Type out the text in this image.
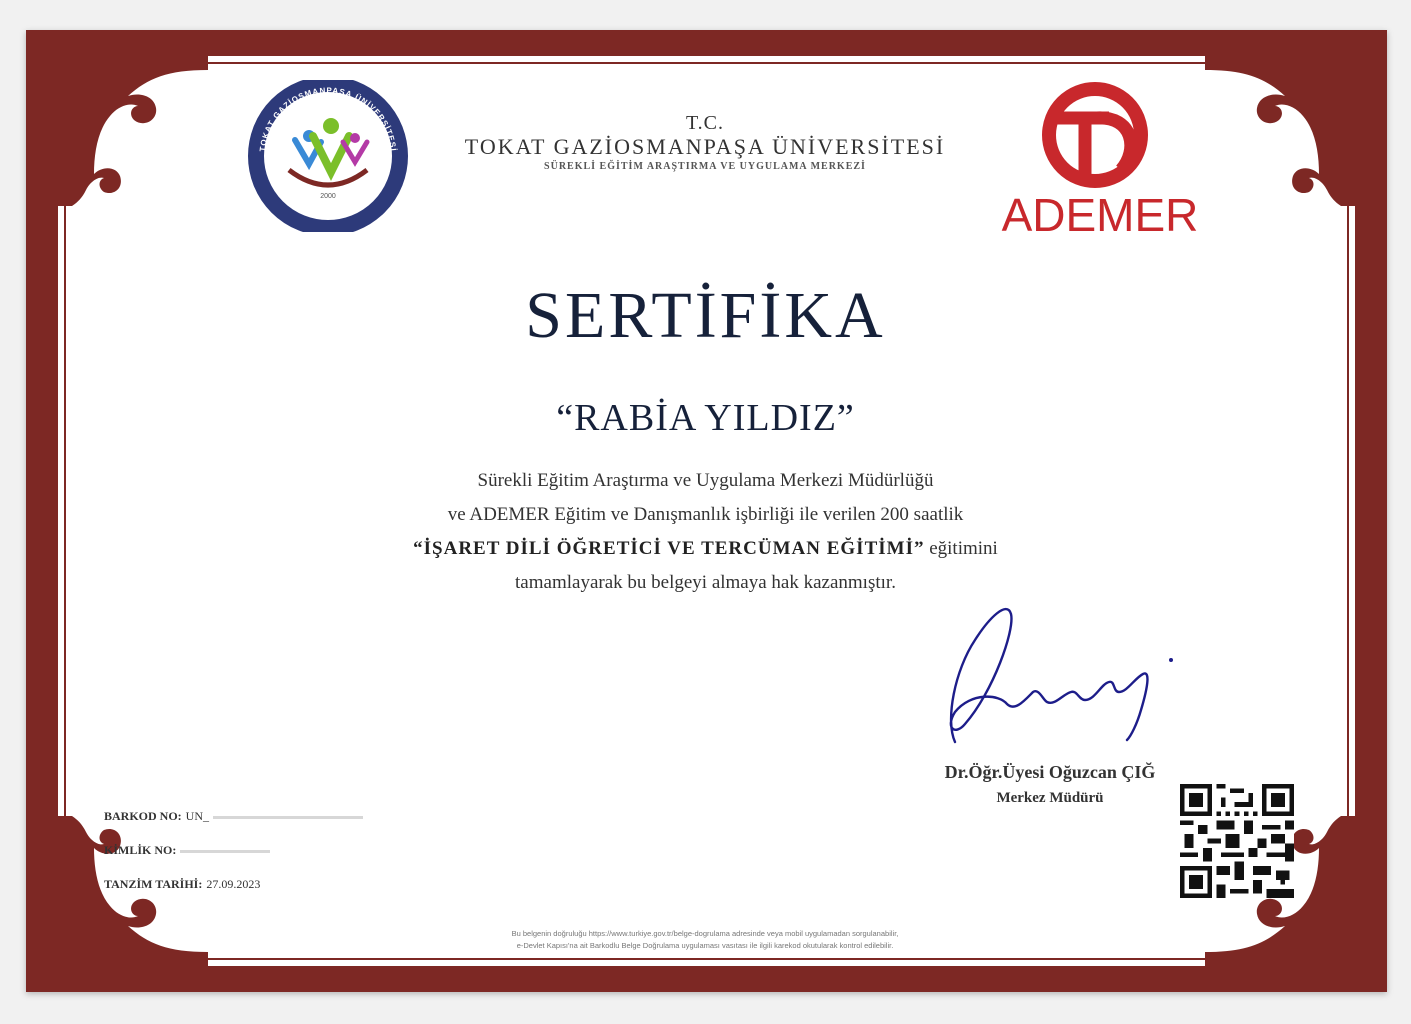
TOKAT GAZİOSMANPAŞA ÜNİVERSİTESİ
2000
T.C.
TOKAT GAZİOSMANPAŞA ÜNİVERSİTESİ
SÜREKLİ EĞİTİM ARAŞTIRMA VE UYGULAMA MERKEZİ
ADEMER
SERTİFİKA
“RABİA YILDIZ”
Sürekli Eğitim Araştırma ve Uygulama Merkezi Müdürlüğü
ve ADEMER Eğitim ve Danışmanlık işbirliği ile verilen 200 saatlik
“İŞARET DİLİ ÖĞRETİCİ VE TERCÜMAN EĞİTİMİ” eğitimini
tamamlayarak bu belgeyi almaya hak kazanmıştır.
Dr.Öğr.Üyesi Oğuzcan ÇIĞ
Merkez Müdürü
BARKOD NO: UN_
KİMLİK NO:
TANZİM TARİHİ: 27.09.2023
Bu belgenin doğruluğu https://www.turkiye.gov.tr/belge-dogrulama adresinde veya mobil uygulamadan sorgulanabilir,
e-Devlet Kapısı'na ait Barkodlu Belge Doğrulama uygulaması vasıtası ile ilgili karekod okutularak kontrol edilebilir.
